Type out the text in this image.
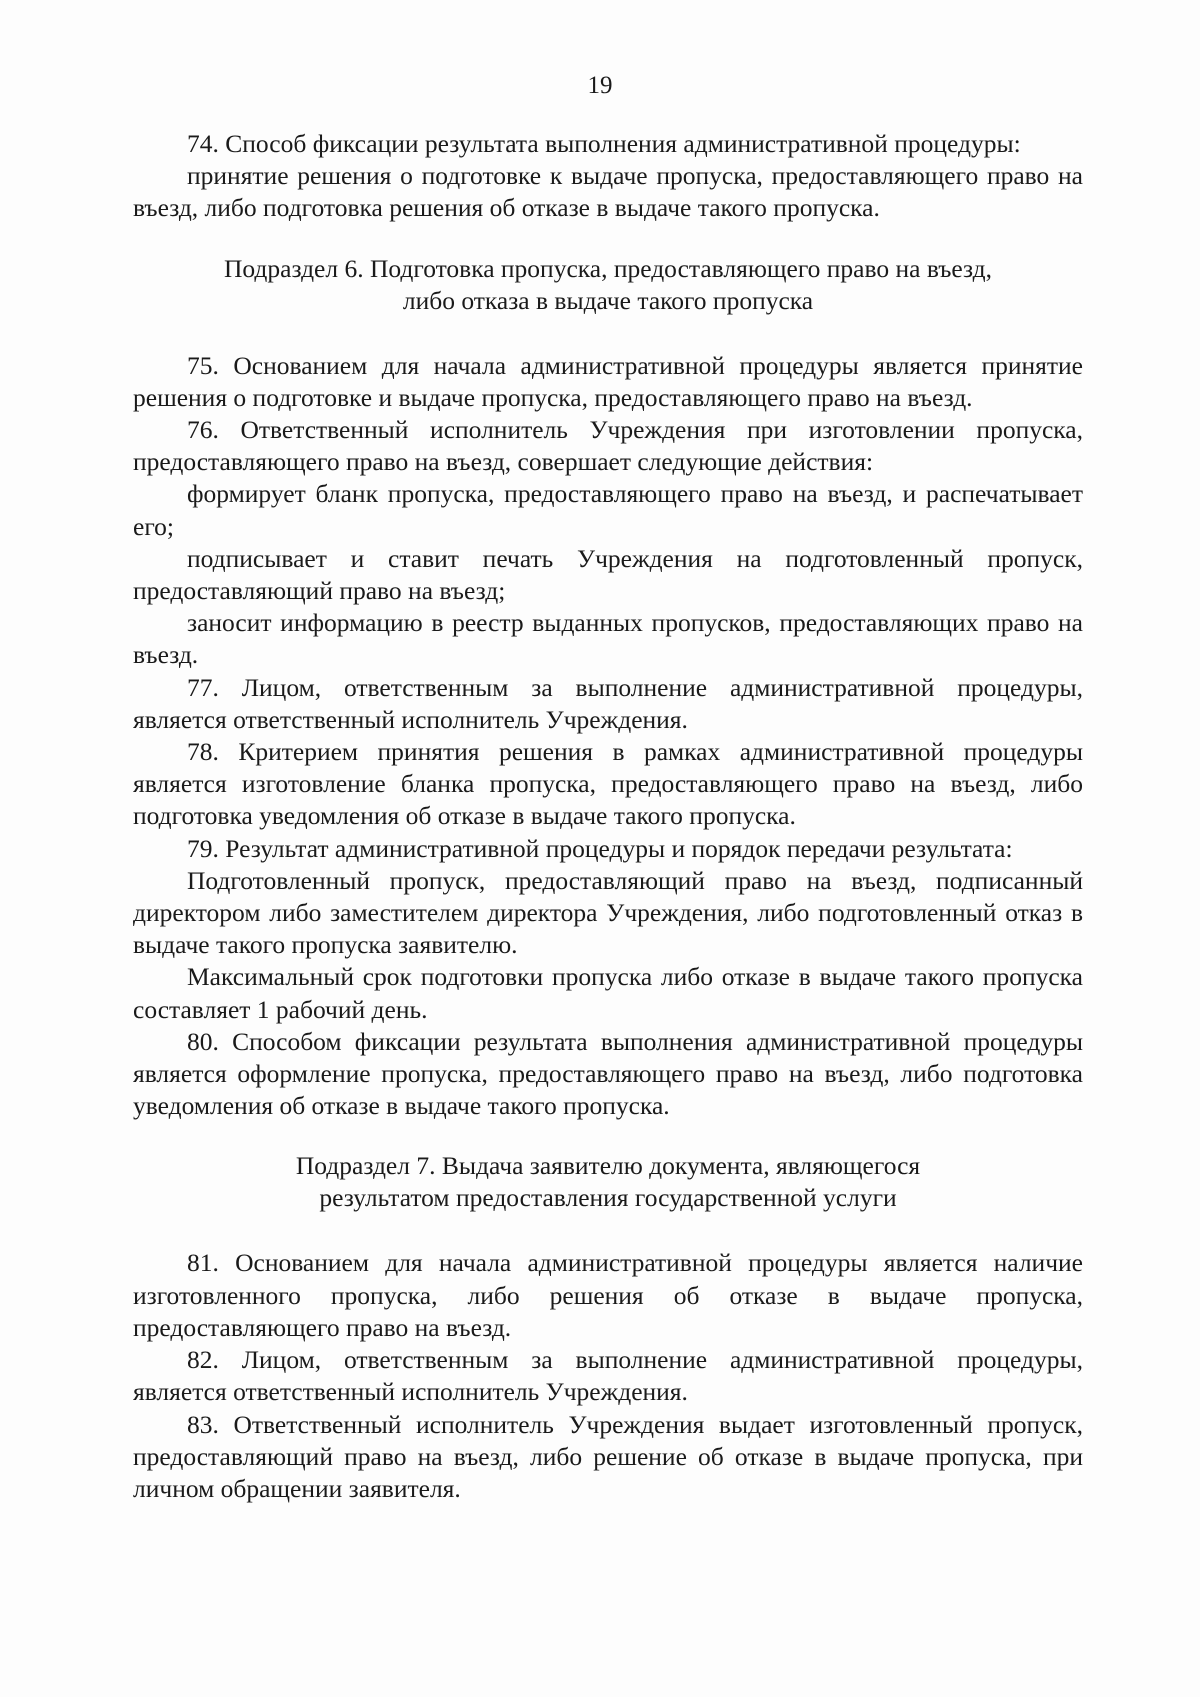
19

74. Способ фиксации результата выполнения административной процедуры:

принятие решения о подготовке к выдаче пропуска, предоставляющего право на въезд, либо подготовка решения об отказе в выдаче такого пропуска.

Подраздел 6. Подготовка пропуска, предоставляющего право на въезд,
либо отказа в выдаче такого пропуска

75. Основанием для начала административной процедуры является принятие решения о подготовке и выдаче пропуска, предоставляющего право на въезд.

76. Ответственный исполнитель Учреждения при изготовлении пропуска, предоставляющего право на въезд, совершает следующие действия:

формирует бланк пропуска, предоставляющего право на въезд, и распечатывает его;

подписывает и ставит печать Учреждения на подготовленный пропуск, предоставляющий право на въезд;

заносит информацию в реестр выданных пропусков, предоставляющих право на въезд.

77. Лицом, ответственным за выполнение административной процедуры, является ответственный исполнитель Учреждения.

78. Критерием принятия решения в рамках административной процедуры является изготовление бланка пропуска, предоставляющего право на въезд, либо подготовка уведомления об отказе в выдаче такого пропуска.

79. Результат административной процедуры и порядок передачи результата:

Подготовленный пропуск, предоставляющий право на въезд, подписанный директором либо заместителем директора Учреждения, либо подготовленный отказ в выдаче такого пропуска заявителю.

Максимальный срок подготовки пропуска либо отказе в выдаче такого пропуска составляет 1 рабочий день.

80. Способом фиксации результата выполнения административной процедуры является оформление пропуска, предоставляющего право на въезд, либо подготовка уведомления об отказе в выдаче такого пропуска.

Подраздел 7. Выдача заявителю документа, являющегося
результатом предоставления государственной услуги

81. Основанием для начала административной процедуры является наличие изготовленного пропуска, либо решения об отказе в выдаче пропуска, предоставляющего право на въезд.

82. Лицом, ответственным за выполнение административной процедуры, является ответственный исполнитель Учреждения.

83. Ответственный исполнитель Учреждения выдает изготовленный пропуск, предоставляющий право на въезд, либо решение об отказе в выдаче пропуска, при личном обращении заявителя.
